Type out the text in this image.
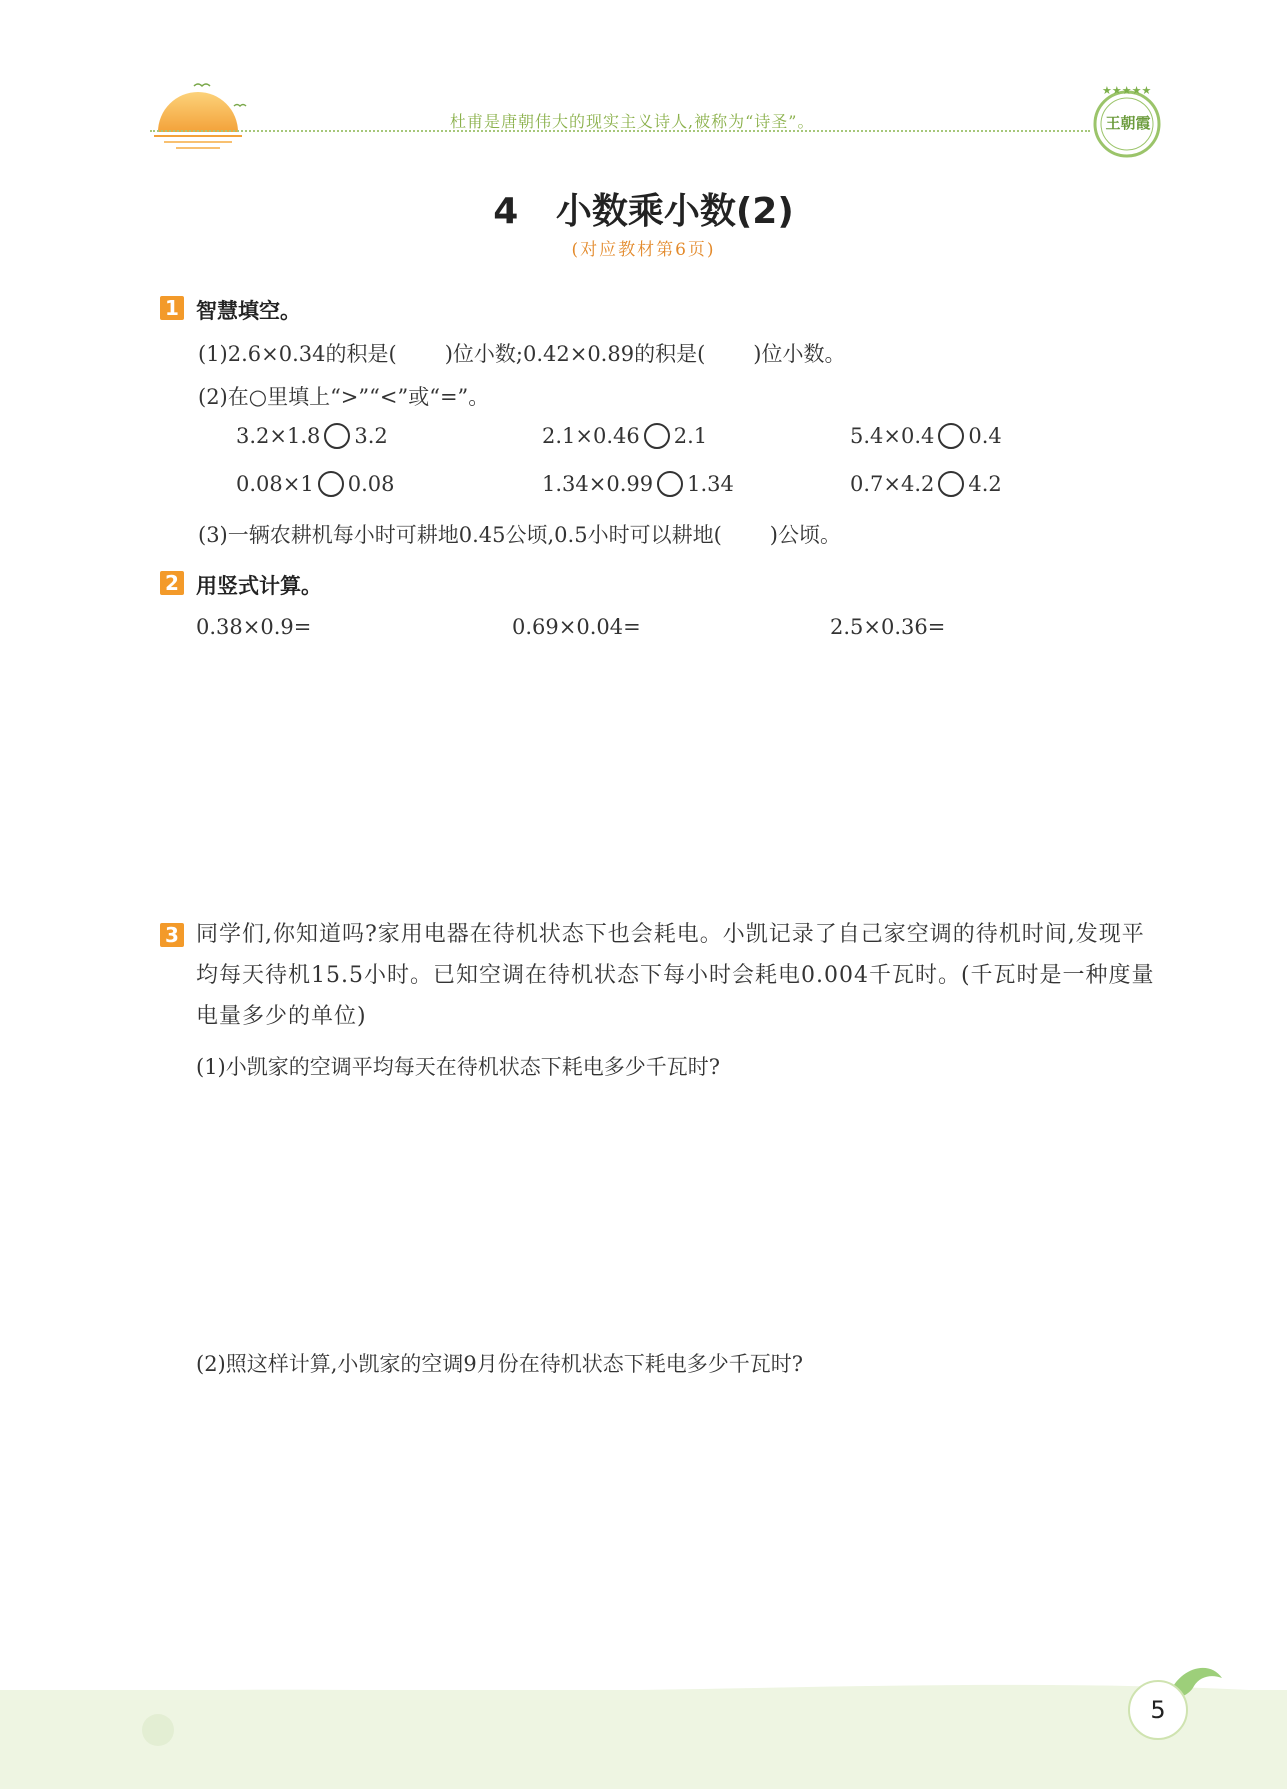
杜甫是唐朝伟大的现实主义诗人,被称为“诗圣”。
★★★★★
王朝霞
4   小数乘小数(2)
(对应教材第6页)
1 智慧填空。
(1)2.6×0.34的积是( )位小数;0.42×0.89的积是( )位小数。
(2)在○里填上“>”“<”或“=”。
3.2×1.8 3.2	2.1×0.46 2.1	5.4×0.4 0.4
0.08×1 0.08	1.34×0.99 1.34	0.7×4.2 4.2
(3)一辆农耕机每小时可耕地0.45公顷,0.5小时可以耕地( )公顷。
2 用竖式计算。
0.38×0.9=	0.69×0.04=	2.5×0.36=
3 同学们,你知道吗?家用电器在待机状态下也会耗电。小凯记录了自己家空调的待机时间,发现平均每天待机15.5小时。已知空调在待机状态下每小时会耗电0.004千瓦时。(千瓦时是一种度量电量多少的单位)
(1)小凯家的空调平均每天在待机状态下耗电多少千瓦时?
(2)照这样计算,小凯家的空调9月份在待机状态下耗电多少千瓦时?
5
